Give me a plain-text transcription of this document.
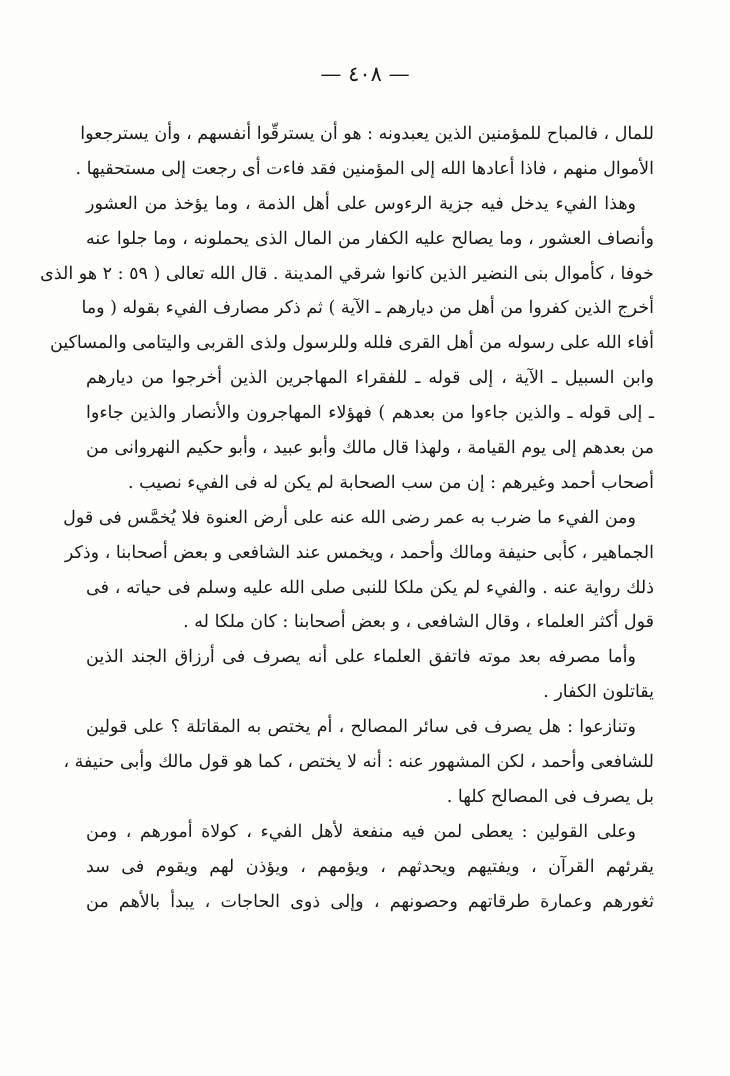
— ٤٠٨ —
للمال ، فالمباح للمؤمنين الذين يعبدونه : هو أن يسترقّوا أنفسهم ، وأن يسترجعوا
الأموال منهم ، فاذا أعادها الله إلى المؤمنين فقد فاءت أى رجعت إلى مستحقيها .
وهذا الفيء يدخل فيه جزية الرءوس على أهل الذمة ، وما يؤخذ من العشور
وأنصاف العشور ، وما يصالح عليه الكفار من المال الذى يحملونه ، وما جلوا عنه
خوفا ، كأموال بنى النضير الذين كانوا شرقي المدينة . قال الله تعالى ( ٥٩ : ٢ هو الذى
أخرج الذين كفروا من أهل من ديارهم ـ الآية ) ثم ذكر مصارف الفيء بقوله ( وما
أفاء الله على رسوله من أهل القرى فلله وللرسول ولذى القربى واليتامى والمساكين
وابن السبيل ـ الآية ، إلى قوله ـ للفقراء المهاجرين الذين أخرجوا من ديارهم
ـ إلى قوله ـ والذين جاءوا من بعدهم ) فهؤلاء المهاجرون والأنصار والذين جاءوا
من بعدهم إلى يوم القيامة ، ولهذا قال مالك وأبو عبيد ، وأبو حكيم النهروانى من
أصحاب أحمد وغيرهم : إن من سب الصحابة لم يكن له فى الفيء نصيب .
ومن الفيء ما ضرب به عمر رضى الله عنه على أرض العنوة فلا يُخمَّس فى قول
الجماهير ، كأبى حنيفة ومالك وأحمد ، ويخمس عند الشافعى و بعض أصحابنا ، وذكر
ذلك رواية عنه . والفيء لم يكن ملكا للنبى صلى الله عليه وسلم فى حياته ، فى
قول أكثر العلماء ، وقال الشافعى ، و بعض أصحابنا : كان ملكا له .
وأما مصرفه بعد موته فاتفق العلماء على أنه يصرف فى أرزاق الجند الذين
يقاتلون الكفار .
وتنازعوا : هل يصرف فى سائر المصالح ، أم يختص به المقاتلة ؟ على قولين
للشافعى وأحمد ، لكن المشهور عنه : أنه لا يختص ، كما هو قول مالك وأبى حنيفة ،
بل يصرف فى المصالح كلها .
وعلى القولين : يعطى لمن فيه منفعة لأهل الفيء ، كولاة أمورهم ، ومن
يقرئهم القرآن ، ويفتيهم ويحدثهم ، ويؤمهم ، ويؤذن لهم ويقوم فى سد
ثغورهم وعمارة طرقاتهم وحصونهم ، وإلى ذوى الحاجات ، يبدأ بالأهم من
